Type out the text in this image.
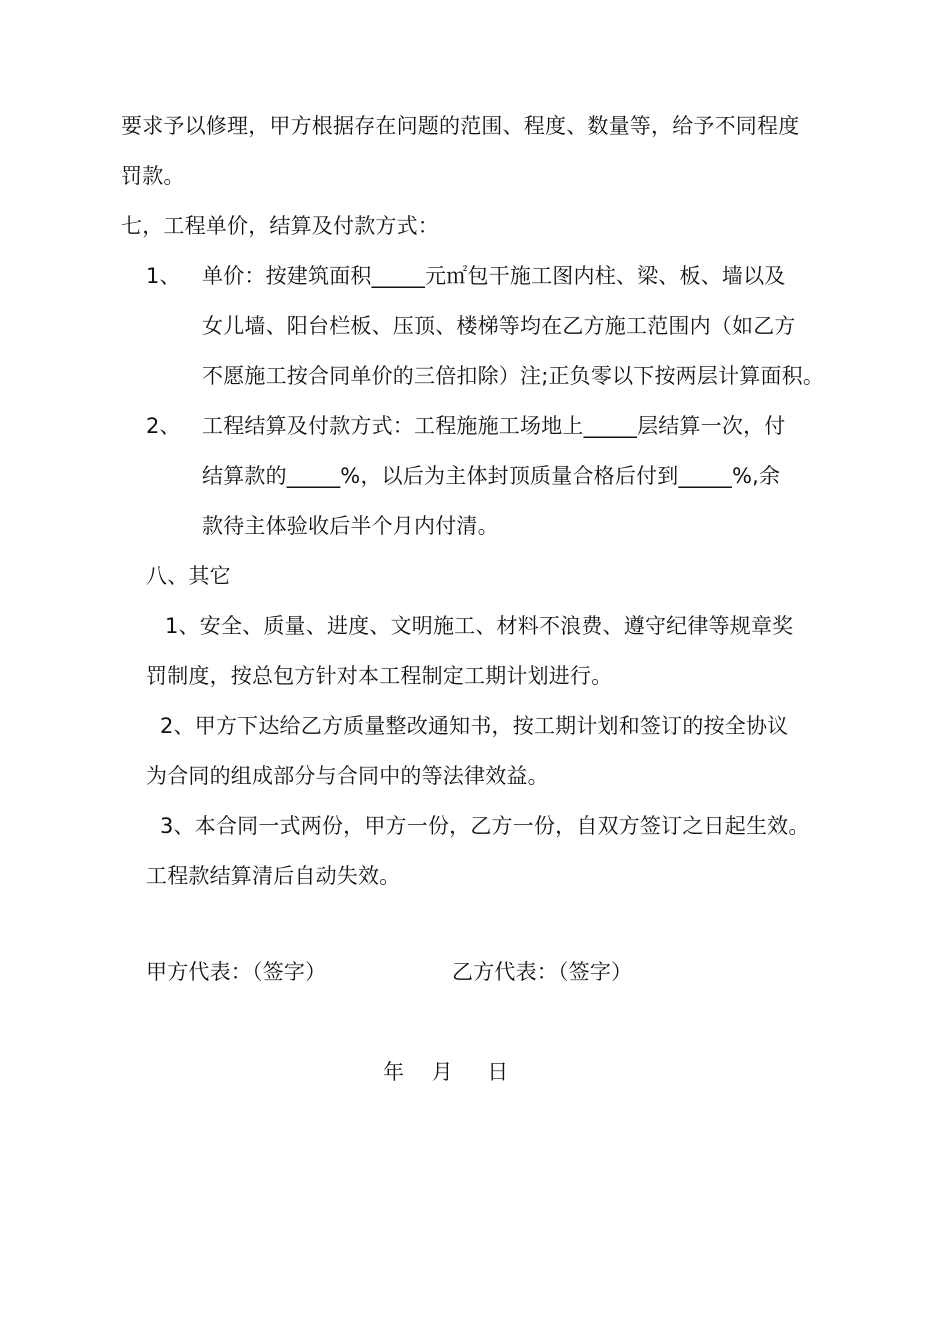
要求予以修理，甲方根据存在问题的范围、程度、数量等，给予不同程度
罚款。
七，工程单价，结算及付款方式：
1、 单价：按建筑面积_____元㎡包干施工图内柱、梁、板、墙以及
女儿墙、阳台栏板、压顶、楼梯等均在乙方施工范围内（如乙方
不愿施工按合同单价的三倍扣除）注;正负零以下按两层计算面积。
2、 工程结算及付款方式：工程施施工场地上_____层结算一次，付
结算款的_____%，以后为主体封顶质量合格后付到_____%,余
款待主体验收后半个月内付清。
八、其它
1、安全、质量、进度、文明施工、材料不浪费、遵守纪律等规章奖
罚制度，按总包方针对本工程制定工期计划进行。
2、甲方下达给乙方质量整改通知书，按工期计划和签订的按全协议
为合同的组成部分与合同中的等法律效益。
3、本合同一式两份，甲方一份，乙方一份，自双方签订之日起生效。
工程款结算清后自动失效。
甲方代表：（签字）	乙方代表：（签字）
年    月     日
